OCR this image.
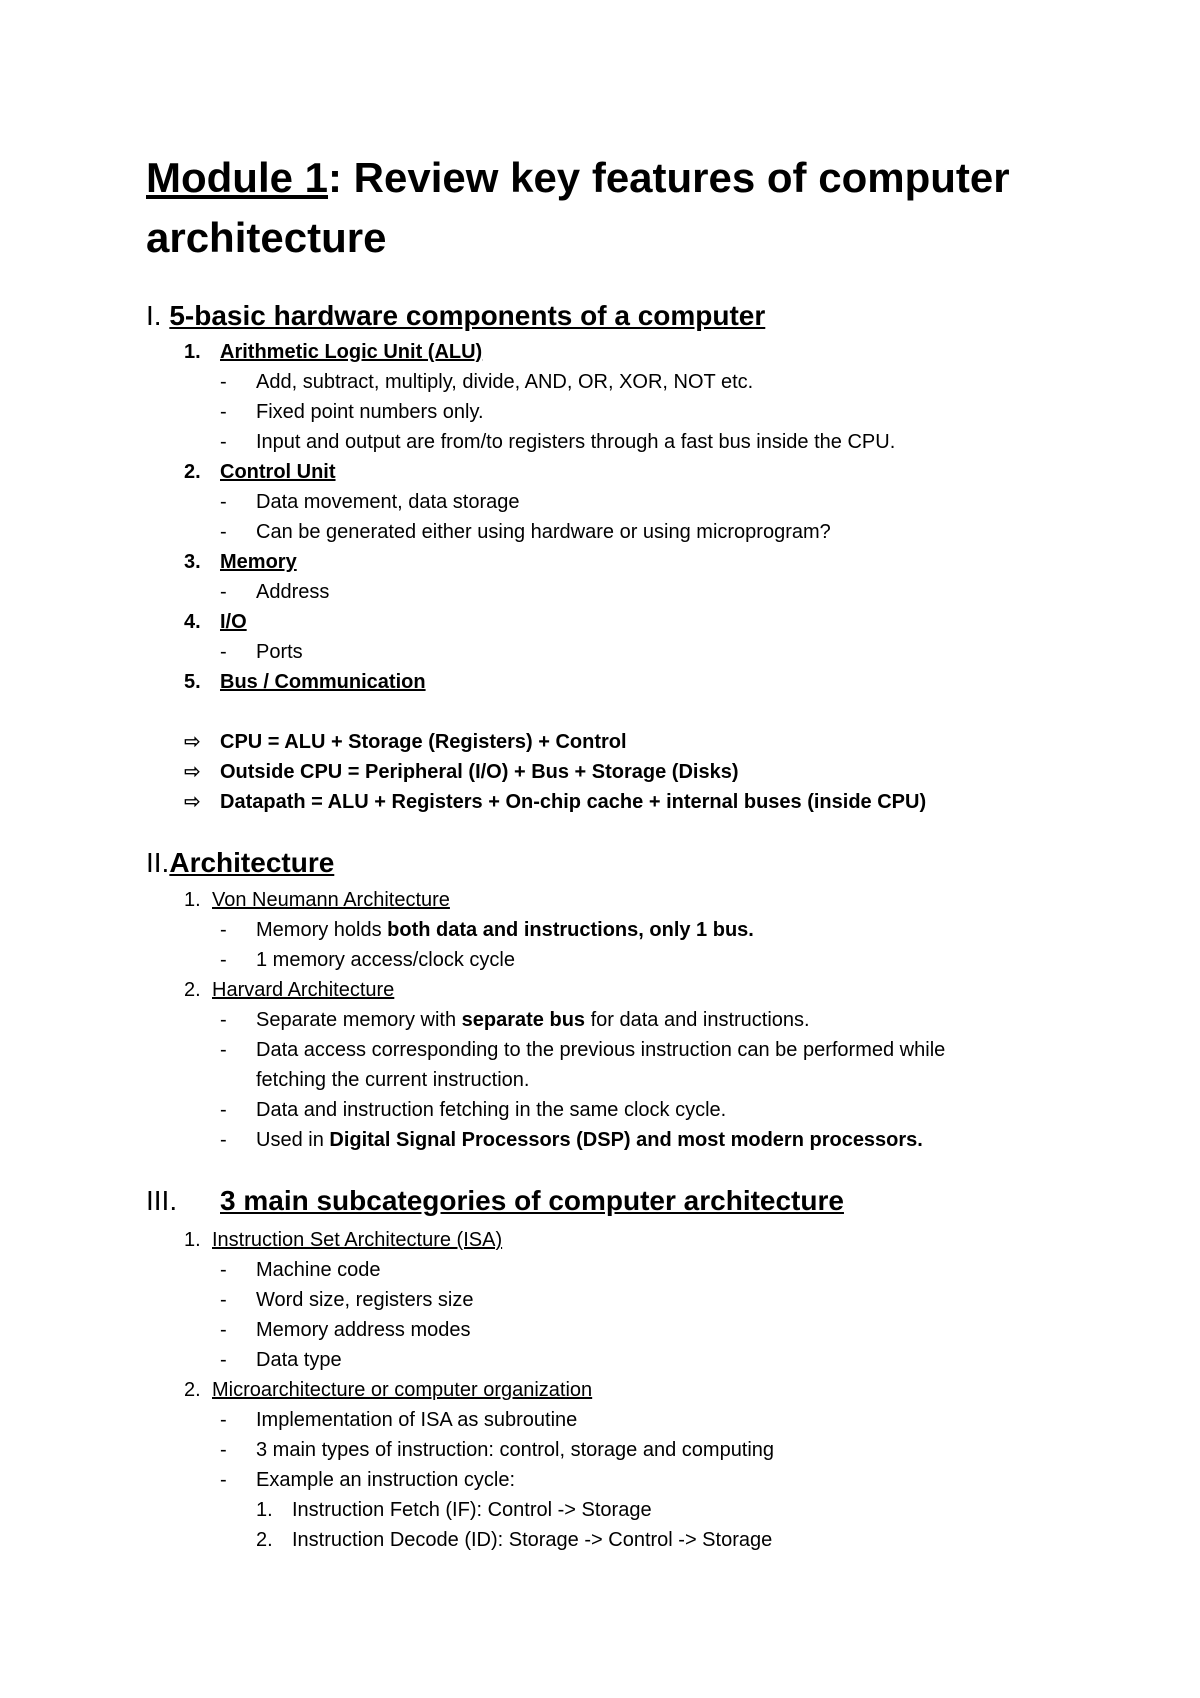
Module 1: Review key features of computer architecture
I. 5-basic hardware components of a computer
1. Arithmetic Logic Unit (ALU)
- Add, subtract, multiply, divide, AND, OR, XOR, NOT etc.
- Fixed point numbers only.
- Input and output are from/to registers through a fast bus inside the CPU.
2. Control Unit
- Data movement, data storage
- Can be generated either using hardware or using microprogram?
3. Memory
- Address
4. I/O
- Ports
5. Bus / Communication
⇨ CPU = ALU + Storage (Registers) + Control
⇨ Outside CPU = Peripheral (I/O) + Bus + Storage (Disks)
⇨ Datapath = ALU + Registers + On-chip cache + internal buses (inside CPU)
II.Architecture
1. Von Neumann Architecture
- Memory holds both data and instructions, only 1 bus.
- 1 memory access/clock cycle
2. Harvard Architecture
- Separate memory with separate bus for data and instructions.
- Data access corresponding to the previous instruction can be performed while
fetching the current instruction.
- Data and instruction fetching in the same clock cycle.
- Used in Digital Signal Processors (DSP) and most modern processors.
III. 3 main subcategories of computer architecture
1. Instruction Set Architecture (ISA)
- Machine code
- Word size, registers size
- Memory address modes
- Data type
2. Microarchitecture or computer organization
- Implementation of ISA as subroutine
- 3 main types of instruction: control, storage and computing
- Example an instruction cycle:
1. Instruction Fetch (IF): Control -> Storage
2. Instruction Decode (ID): Storage -> Control -> Storage
